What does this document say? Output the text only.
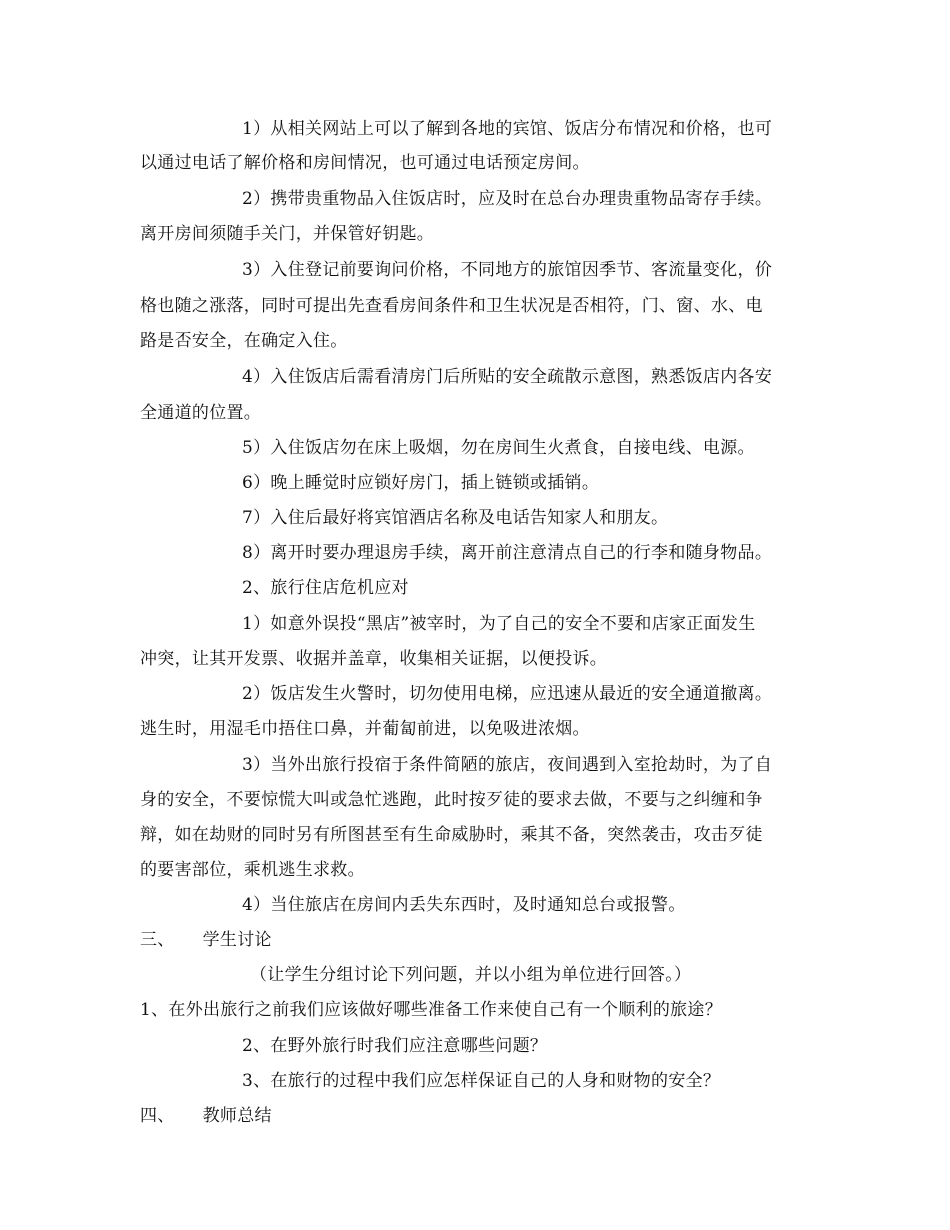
1）从相关网站上可以了解到各地的宾馆、饭店分布情况和价格，也可
以通过电话了解价格和房间情况，也可通过电话预定房间。
2）携带贵重物品入住饭店时，应及时在总台办理贵重物品寄存手续。
离开房间须随手关门，并保管好钥匙。
3）入住登记前要询问价格，不同地方的旅馆因季节、客流量变化，价
格也随之涨落，同时可提出先查看房间条件和卫生状况是否相符，门、窗、水、电
路是否安全，在确定入住。
4）入住饭店后需看清房门后所贴的安全疏散示意图，熟悉饭店内各安
全通道的位置。
5）入住饭店勿在床上吸烟，勿在房间生火煮食，自接电线、电源。
6）晚上睡觉时应锁好房门，插上链锁或插销。
7）入住后最好将宾馆酒店名称及电话告知家人和朋友。
8）离开时要办理退房手续，离开前注意清点自己的行李和随身物品。
2、旅行住店危机应对
1）如意外误投“黑店”被宰时，为了自己的安全不要和店家正面发生
冲突，让其开发票、收据并盖章，收集相关证据，以便投诉。
2）饭店发生火警时，切勿使用电梯，应迅速从最近的安全通道撤离。
逃生时，用湿毛巾捂住口鼻，并葡匐前进，以免吸进浓烟。
3）当外出旅行投宿于条件简陋的旅店，夜间遇到入室抢劫时，为了自
身的安全，不要惊慌大叫或急忙逃跑，此时按歹徒的要求去做，不要与之纠缠和争
辩，如在劫财的同时另有所图甚至有生命威胁时，乘其不备，突然袭击，攻击歹徒
的要害部位，乘机逃生求救。
4）当住旅店在房间内丢失东西时，及时通知总台或报警。
三、 学生讨论
（让学生分组讨论下列问题，并以小组为单位进行回答。）
1、在外出旅行之前我们应该做好哪些准备工作来使自己有一个顺利的旅途？
2、在野外旅行时我们应注意哪些问题？
3、在旅行的过程中我们应怎样保证自己的人身和财物的安全？
四、 教师总结
